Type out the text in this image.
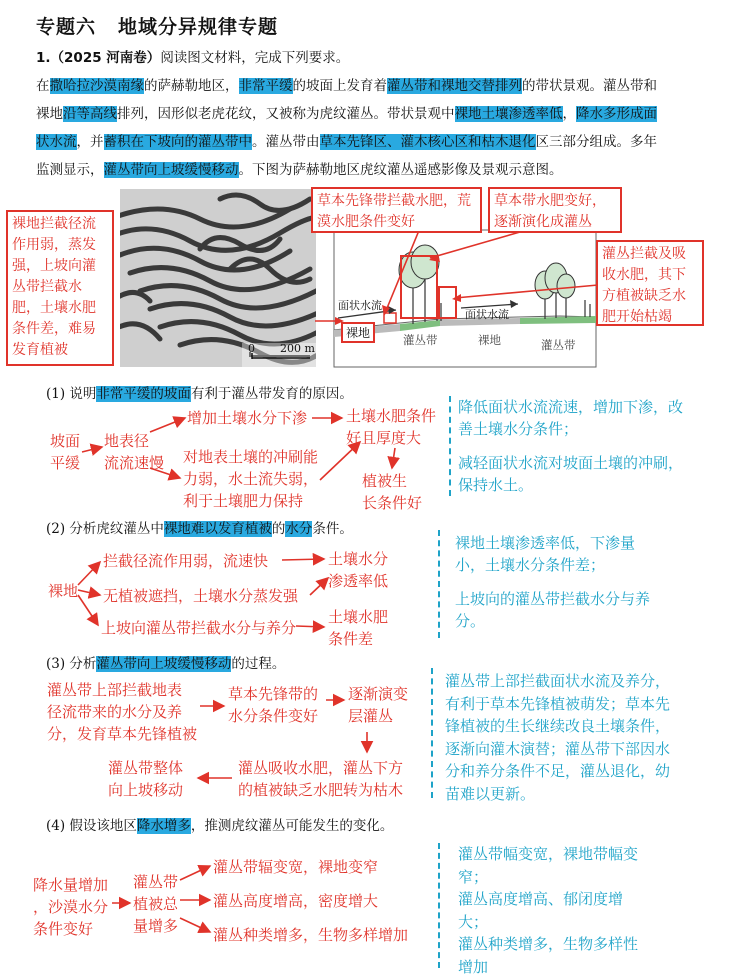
专题六 地域分异规律专题
1.（2025 河南卷）阅读图文材料，完成下列要求。
在撒哈拉沙漠南缘的萨赫勒地区，非常平缓的坡面上发育着灌丛带和裸地交替排列的带状景观。灌丛带和
裸地沿等高线排列，因形似老虎花纹，又被称为虎纹灌丛。带状景观中裸地土壤渗透率低，降水多形成面
状水流，并蓄积在下坡向的灌丛带中。灌丛带由草本先锋区、灌木核心区和枯木退化区三部分组成。多年
监测显示，灌丛带向上坡缓慢移动。下图为萨赫勒地区虎纹灌丛遥感影像及景观示意图。
0 200 m
面状水流
面状水流
裸地	灌丛带	裸地	灌丛带
裸地拦截径流作用弱，蒸发强，上坡向灌丛带拦截水肥，土壤水肥条件差，难易发育植被
草本先锋带拦截水肥，荒漠水肥条件变好
草本带水肥变好，逐渐演化成灌丛
灌丛拦截及吸收水肥，其下方植被缺乏水肥开始枯竭
(1) 说明非常平缓的坡面有利于灌丛带发育的原因。
坡面
平缓
地表径
流流速慢
增加土壤水分下渗
对地表土壤的冲刷能
力弱，水土流失弱，
利于土壤肥力保持
土壤水肥条件
好且厚度大
植被生
长条件好
降低面状水流流速，增加下渗，改善土壤水分条件；
减轻面状水流对坡面土壤的冲刷，保持水土。
(2) 分析虎纹灌丛中裸地难以发育植被的水分条件。
裸地
拦截径流作用弱，流速快
无植被遮挡，土壤水分蒸发强
上坡向灌丛带拦截水分与养分
土壤水分
渗透率低
土壤水肥
条件差
裸地土壤渗透率低，下渗量小，土壤水分条件差；
上坡向的灌丛带拦截水分与养分。
(3) 分析灌丛带向上坡缓慢移动的过程。
灌丛带上部拦截地表
径流带来的水分及养
分，发育草本先锋植被
草本先锋带的
水分条件变好
逐渐演变
层灌丛
灌丛吸收水肥，灌丛下方
的植被缺乏水肥转为枯木
灌丛带整体
向上坡移动
灌丛带上部拦截面状水流及养分，有利于草本先锋植被萌发；草本先锋植被的生长继续改良土壤条件，逐渐向灌木演替；灌丛带下部因水分和养分条件不足，灌丛退化，幼苗难以更新。
(4) 假设该地区降水增多，推测虎纹灌丛可能发生的变化。
降水量增加
，沙漠水分
条件变好
灌丛带
植被总
量增多
灌丛带辐变宽，裸地变窄
灌丛高度增高，密度增大
灌丛种类增多，生物多样增加
灌丛带幅变宽，裸地带幅变窄；
灌丛高度增高、郁闭度增大；
灌丛种类增多，生物多样性增加
